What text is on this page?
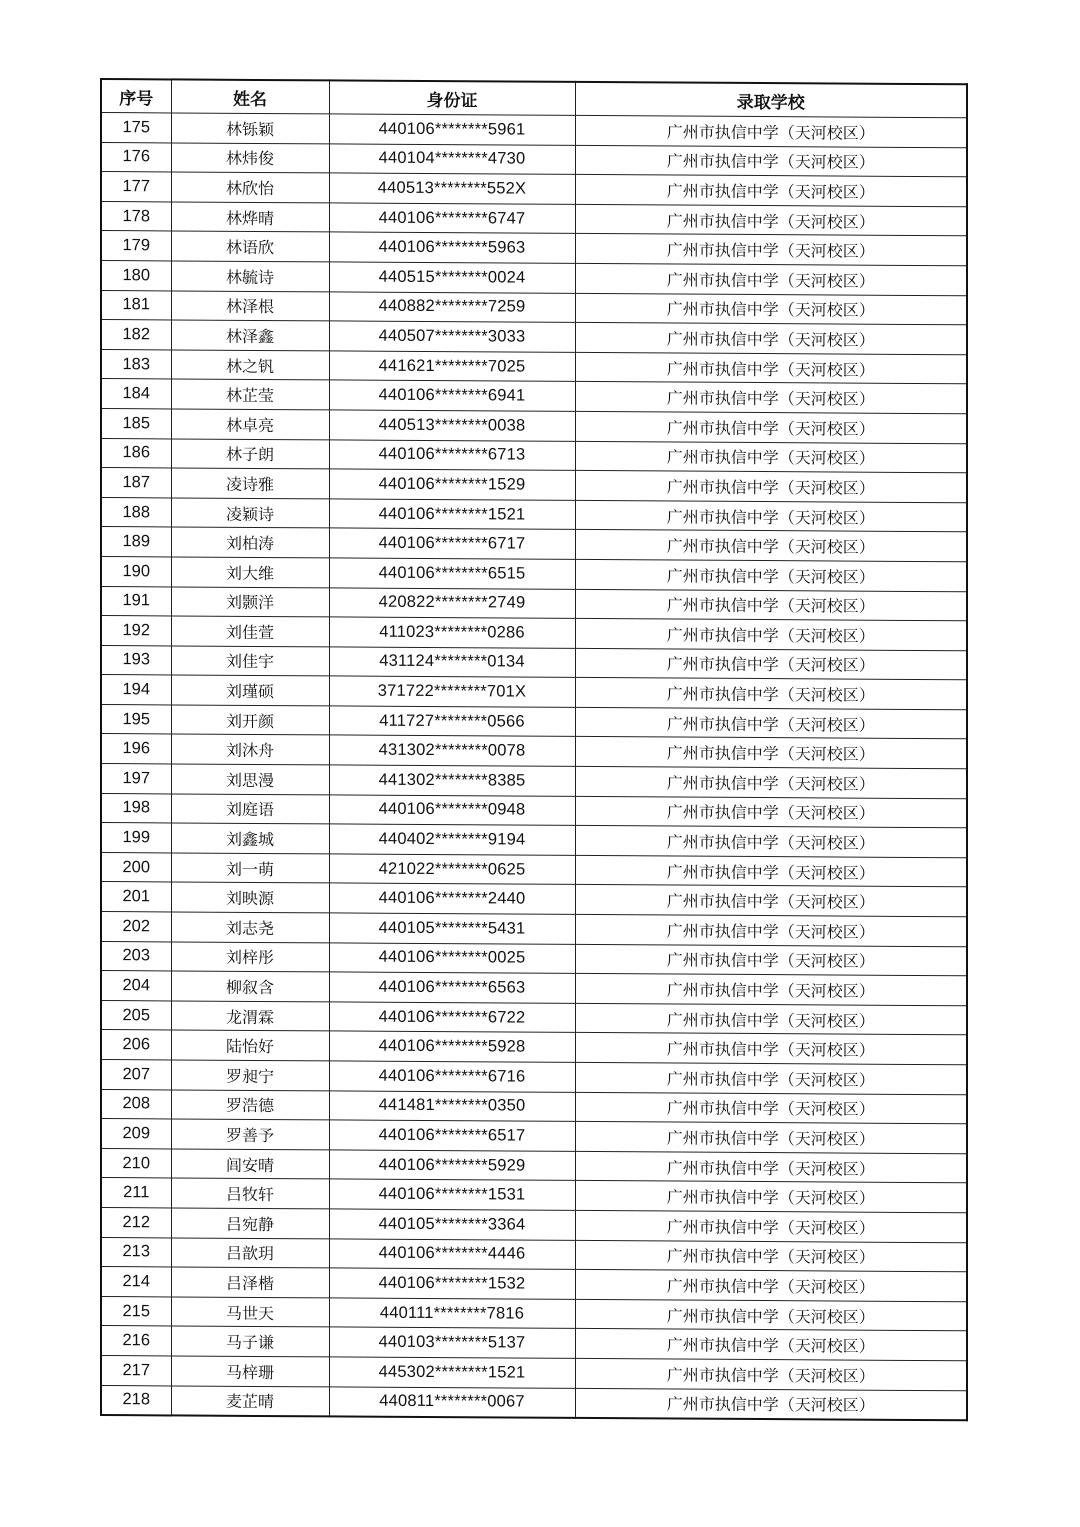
序号	姓名	身份证	录取学校
175	林铄颖	440106********5961	广州市执信中学（天河校区）
176	林炜俊	440104********4730	广州市执信中学（天河校区）
177	林欣怡	440513********552X	广州市执信中学（天河校区）
178	林烨晴	440106********6747	广州市执信中学（天河校区）
179	林语欣	440106********5963	广州市执信中学（天河校区）
180	林毓诗	440515********0024	广州市执信中学（天河校区）
181	林泽根	440882********7259	广州市执信中学（天河校区）
182	林泽鑫	440507********3033	广州市执信中学（天河校区）
183	林之钒	441621********7025	广州市执信中学（天河校区）
184	林芷莹	440106********6941	广州市执信中学（天河校区）
185	林卓亮	440513********0038	广州市执信中学（天河校区）
186	林子朗	440106********6713	广州市执信中学（天河校区）
187	凌诗雅	440106********1529	广州市执信中学（天河校区）
188	凌颖诗	440106********1521	广州市执信中学（天河校区）
189	刘柏涛	440106********6717	广州市执信中学（天河校区）
190	刘大维	440106********6515	广州市执信中学（天河校区）
191	刘颢洋	420822********2749	广州市执信中学（天河校区）
192	刘佳萱	411023********0286	广州市执信中学（天河校区）
193	刘佳宇	431124********0134	广州市执信中学（天河校区）
194	刘瑾硕	371722********701X	广州市执信中学（天河校区）
195	刘开颜	411727********0566	广州市执信中学（天河校区）
196	刘沐舟	431302********0078	广州市执信中学（天河校区）
197	刘思漫	441302********8385	广州市执信中学（天河校区）
198	刘庭语	440106********0948	广州市执信中学（天河校区）
199	刘鑫城	440402********9194	广州市执信中学（天河校区）
200	刘一萌	421022********0625	广州市执信中学（天河校区）
201	刘映源	440106********2440	广州市执信中学（天河校区）
202	刘志尧	440105********5431	广州市执信中学（天河校区）
203	刘梓彤	440106********0025	广州市执信中学（天河校区）
204	柳叙含	440106********6563	广州市执信中学（天河校区）
205	龙渭霖	440106********6722	广州市执信中学（天河校区）
206	陆怡好	440106********5928	广州市执信中学（天河校区）
207	罗昶宁	440106********6716	广州市执信中学（天河校区）
208	罗浩德	441481********0350	广州市执信中学（天河校区）
209	罗善予	440106********6517	广州市执信中学（天河校区）
210	闾安晴	440106********5929	广州市执信中学（天河校区）
211	吕牧轩	440106********1531	广州市执信中学（天河校区）
212	吕宛静	440105********3364	广州市执信中学（天河校区）
213	吕歆玥	440106********4446	广州市执信中学（天河校区）
214	吕泽楷	440106********1532	广州市执信中学（天河校区）
215	马世天	440111********7816	广州市执信中学（天河校区）
216	马子谦	440103********5137	广州市执信中学（天河校区）
217	马梓珊	445302********1521	广州市执信中学（天河校区）
218	麦芷晴	440811********0067	广州市执信中学（天河校区）
